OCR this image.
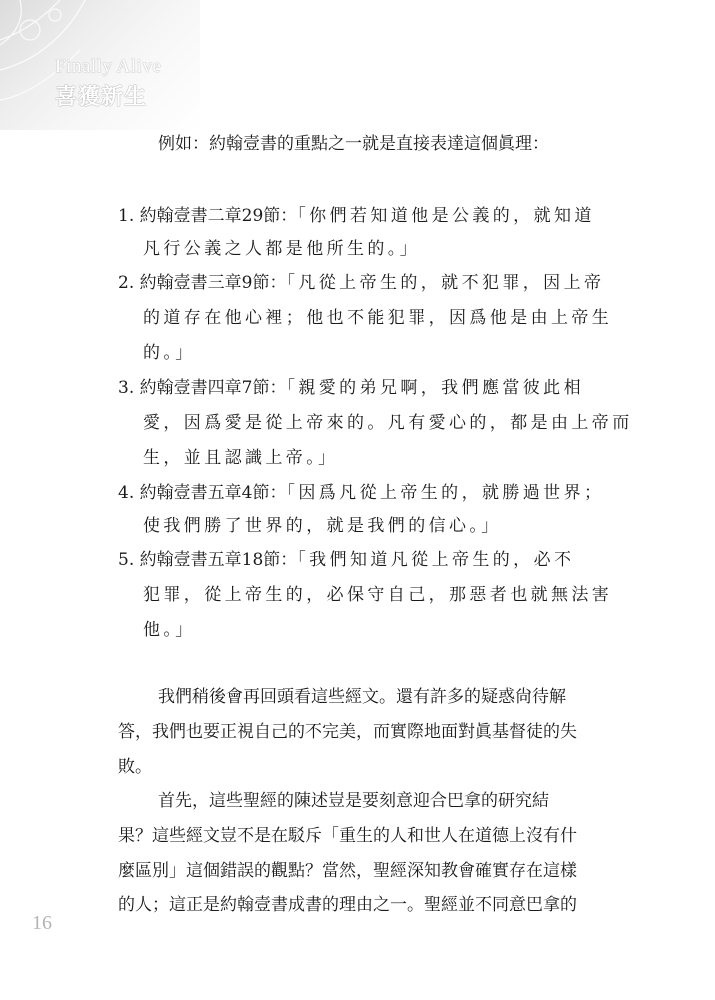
Finally Alive
喜獲新生
例如：約翰壹書的重點之一就是直接表達這個眞理：
1. 約翰壹書二章29節：「你們若知道他是公義的，就知道
凡行公義之人都是他所生的。」
2. 約翰壹書三章9節：「凡從上帝生的，就不犯罪，因上帝
的道存在他心裡；他也不能犯罪，因爲他是由上帝生
的。」
3. 約翰壹書四章7節：「親愛的弟兄啊，我們應當彼此相
愛，因爲愛是從上帝來的。凡有愛心的，都是由上帝而
生，並且認識上帝。」
4. 約翰壹書五章4節：「因爲凡從上帝生的，就勝過世界；
使我們勝了世界的，就是我們的信心。」
5. 約翰壹書五章18節：「我們知道凡從上帝生的，必不
犯罪，從上帝生的，必保守自己，那惡者也就無法害
他。」
我們稍後會再回頭看這些經文。還有許多的疑惑尙待解
答，我們也要正視自己的不完美，而實際地面對眞基督徒的失
敗。
首先，這些聖經的陳述豈是要刻意迎合巴拿的研究結
果？這些經文豈不是在駁斥「重生的人和世人在道德上沒有什
麼區別」這個錯誤的觀點？當然，聖經深知教會確實存在這樣
的人；這正是約翰壹書成書的理由之一。聖經並不同意巴拿的
16
